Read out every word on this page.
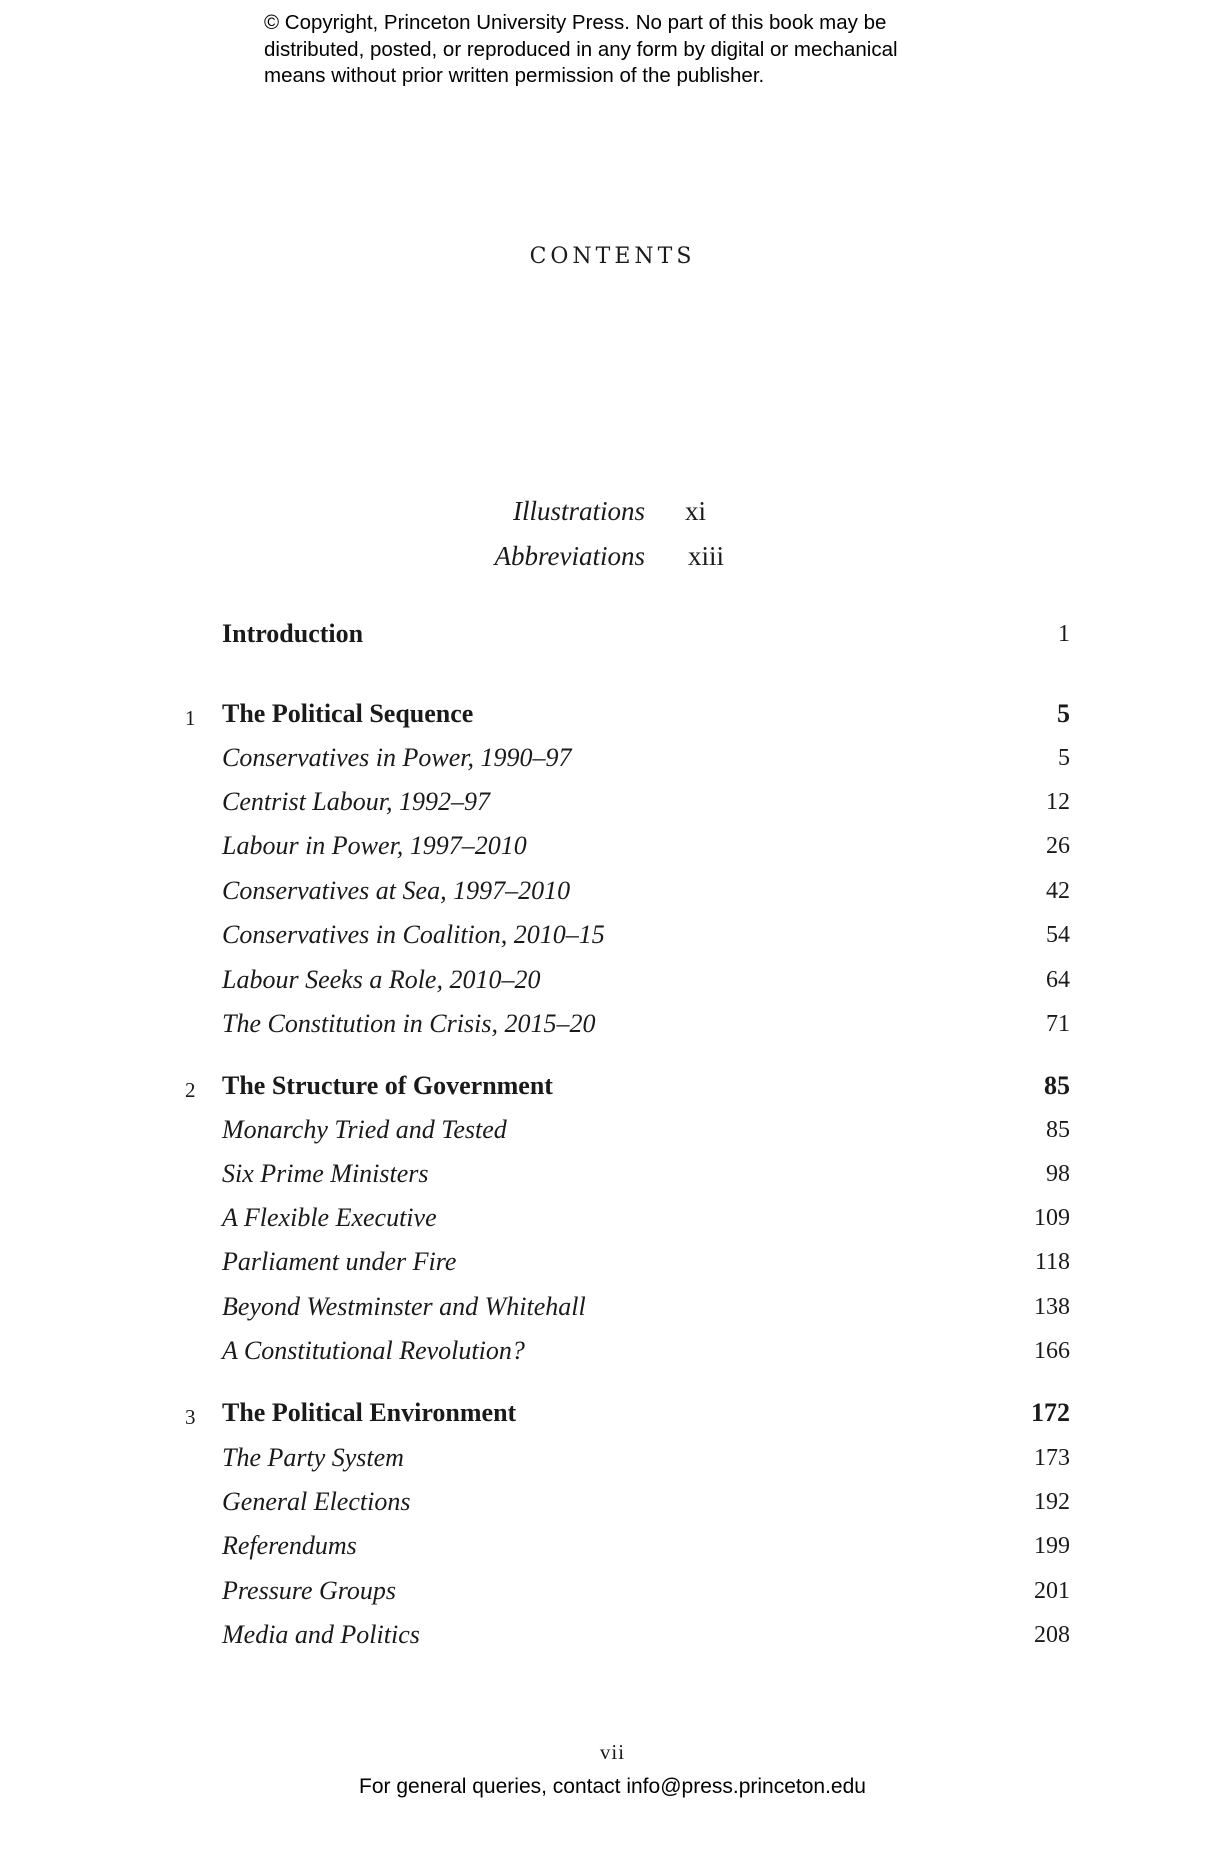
© Copyright, Princeton University Press. No part of this book may be
distributed, posted, or reproduced in any form by digital or mechanical
means without prior written permission of the publisher.
CONTENTS
Illustrations xi
Abbreviations xiii
Introduction	1
1	The Political Sequence	5
Conservatives in Power, 1990–97	5
Centrist Labour, 1992–97	12
Labour in Power, 1997–2010	26
Conservatives at Sea, 1997–2010	42
Conservatives in Coalition, 2010–15	54
Labour Seeks a Role, 2010–20	64
The Constitution in Crisis, 2015–20	71
2	The Structure of Government	85
Monarchy Tried and Tested	85
Six Prime Ministers	98
A Flexible Executive	109
Parliament under Fire	118
Beyond Westminster and Whitehall	138
A Constitutional Revolution?	166
3	The Political Environment	172
The Party System	173
General Elections	192
Referendums	199
Pressure Groups	201
Media and Politics	208
vii
For general queries, contact info@press.princeton.edu
